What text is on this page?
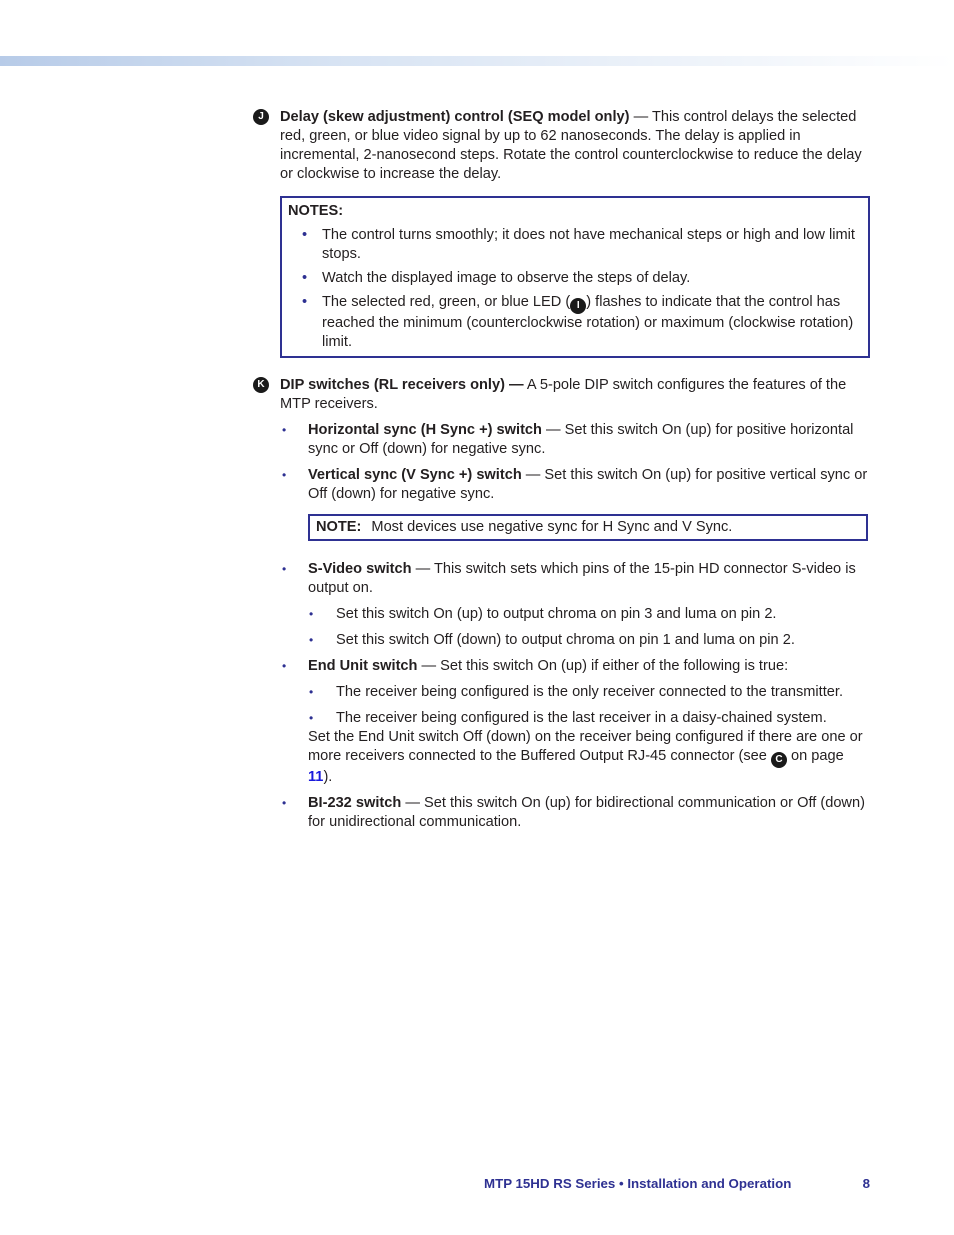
J	Delay (skew adjustment) control (SEQ model only) — This control delays the selected red, green, or blue video signal by up to 62 nanoseconds. The delay is applied in incremental, 2-nanosecond steps. Rotate the control counterclockwise to reduce the delay or clockwise to increase the delay.

NOTES:
• The control turns smoothly; it does not have mechanical steps or high and low limit stops.
• Watch the displayed image to observe the steps of delay.
• The selected red, green, or blue LED ( I ) flashes to indicate that the control has reached the minimum (counterclockwise rotation) or maximum (clockwise rotation) limit.
K	DIP switches (RL receivers only) — A 5-pole DIP switch configures the features of the MTP receivers.

• Horizontal sync (H Sync +) switch — Set this switch On (up) for positive horizontal sync or Off (down) for negative sync.
• Vertical sync (V Sync +) switch — Set this switch On (up) for positive vertical sync or Off (down) for negative sync.
NOTE: Most devices use negative sync for H Sync and V Sync.
• S-Video switch — This switch sets which pins of the 15-pin HD connector S-video is output on.
• Set this switch On (up) to output chroma on pin 3 and luma on pin 2.
• Set this switch Off (down) to output chroma on pin 1 and luma on pin 2.
• End Unit switch — Set this switch On (up) if either of the following is true:
• The receiver being configured is the only receiver connected to the transmitter.
• The receiver being configured is the last receiver in a daisy-chained system.

Set the End Unit switch Off (down) on the receiver being configured if there are one or more receivers connected to the Buffered Output RJ-45 connector (see C on page 11).

• BI-232 switch — Set this switch On (up) for bidirectional communication or Off (down) for unidirectional communication.
MTP 15HD RS Series • Installation and Operation	8
